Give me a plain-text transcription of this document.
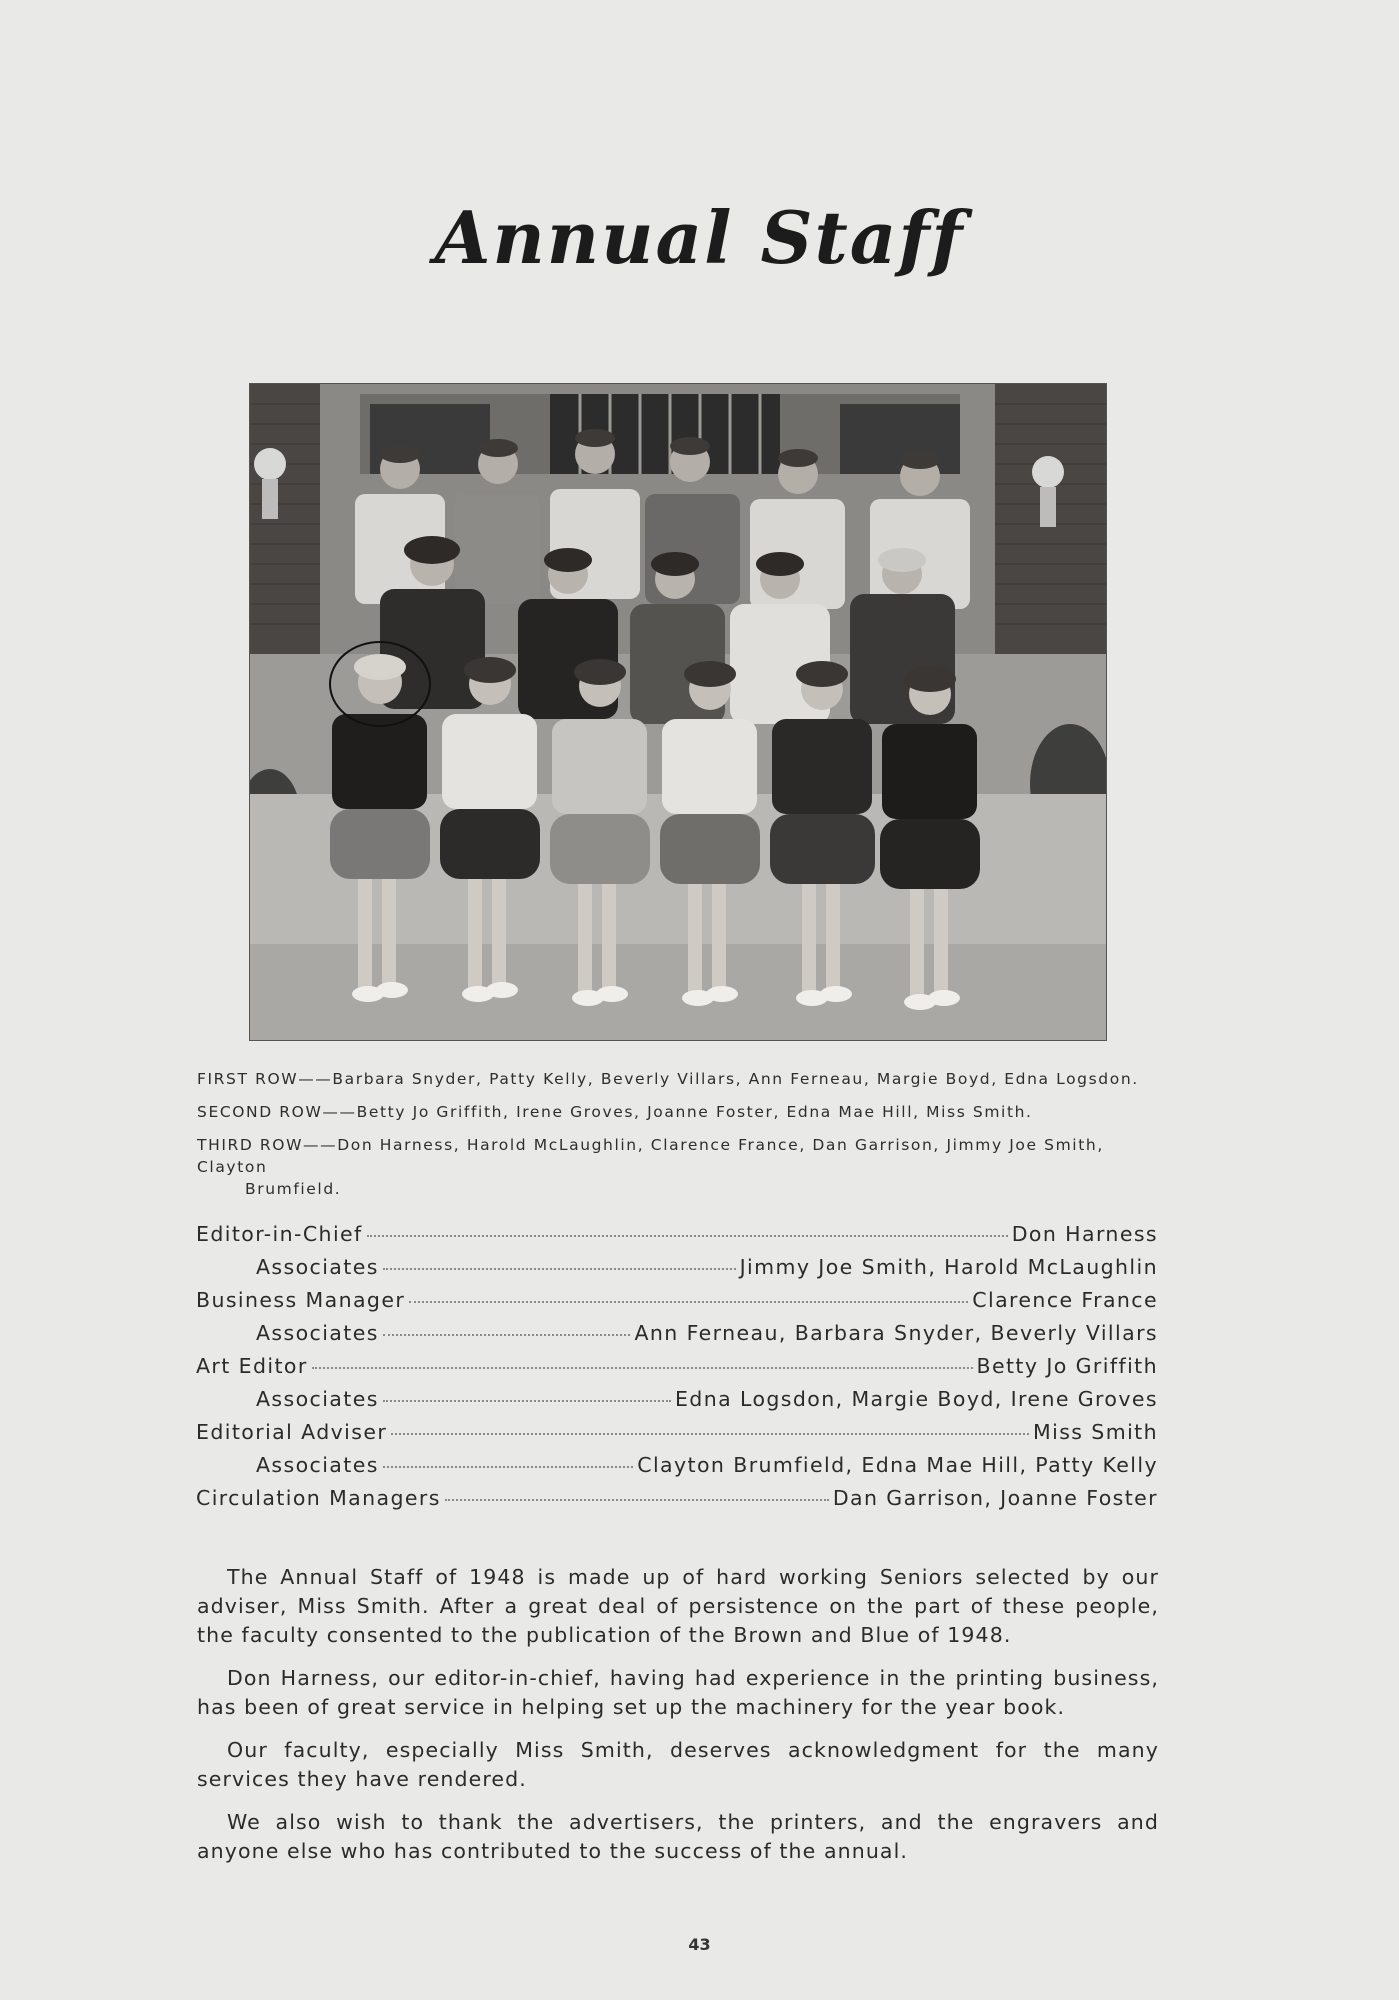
Annual Staff
FIRST ROW——Barbara Snyder, Patty Kelly, Beverly Villars, Ann Ferneau, Margie Boyd, Edna Logsdon.
SECOND ROW——Betty Jo Griffith, Irene Groves, Joanne Foster, Edna Mae Hill, Miss Smith.
THIRD ROW——Don Harness, Harold McLaughlin, Clarence France, Dan Garrison, Jimmy Joe Smith, Clayton
Brumfield.
Editor-in-Chief	Don Harness
Associates	Jimmy Joe Smith, Harold McLaughlin
Business Manager	Clarence France
Associates	Ann Ferneau, Barbara Snyder, Beverly Villars
Art Editor	Betty Jo Griffith
Associates	Edna Logsdon, Margie Boyd, Irene Groves
Editorial Adviser	Miss Smith
Associates	Clayton Brumfield, Edna Mae Hill, Patty Kelly
Circulation Managers	Dan Garrison, Joanne Foster

The Annual Staff of 1948 is made up of hard working Seniors selected by our adviser, Miss Smith. After a great deal of persistence on the part of these people, the faculty consented to the publication of the Brown and Blue of 1948.

Don Harness, our editor-in-chief, having had experience in the printing business, has been of great service in helping set up the machinery for the year book.

Our faculty, especially Miss Smith, deserves acknowledgment for the many services they have rendered.

We also wish to thank the advertisers, the printers, and the engravers and anyone else who has contributed to the success of the annual.

43
